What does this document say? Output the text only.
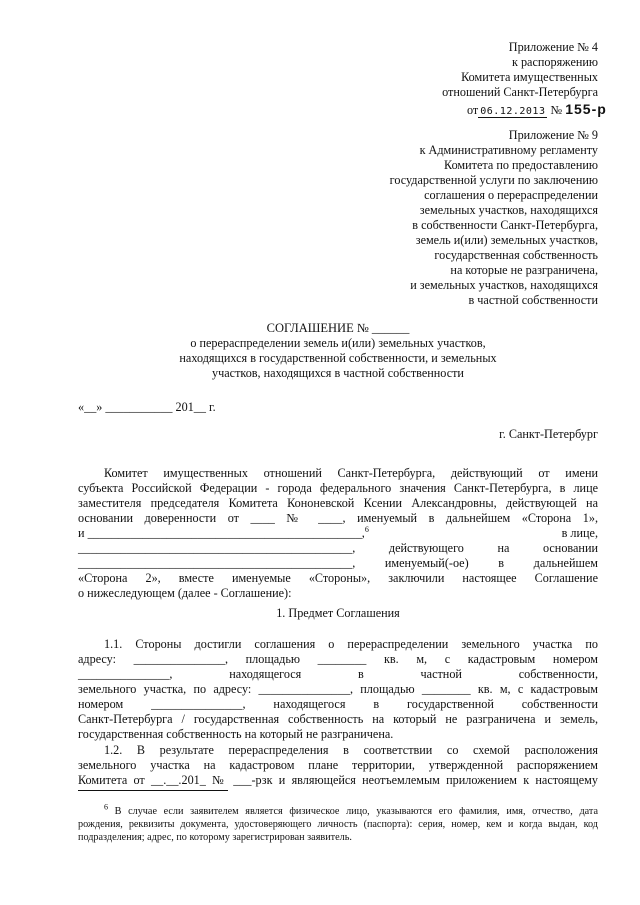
Приложение № 4
к распоряжению
Комитета имущественных
отношений Санкт-Петербурга
от 06.12.2013 № 155-р
Приложение № 9
к Административному регламенту
Комитета по предоставлению
государственной услуги по заключению
соглашения о перераспределении
земельных участков, находящихся
в собственности Санкт-Петербурга,
земель и(или) земельных участков,
государственная собственность
на которые не разграничена,
и земельных участков, находящихся
в частной собственности
СОГЛАШЕНИЕ № ______
о перераспределении земель и(или) земельных участков,
находящихся в государственной собственности, и земельных
участков, находящихся в частной собственности
«__» ___________ 201__ г.
г. Санкт-Петербург
Комитет имущественных отношений Санкт-Петербурга, действующий от имени
субъекта Российской Федерации - города федерального значения Санкт-Петербурга, в лице
заместителя председателя Комитета Кононевской Ксении Александровны, действующей на
основании доверенности от ____ № ____, именуемый в дальнейшем «Сторона 1»,
и _____________________________________________,$^6$	в лице,
_____________________________________________, действующего на основании
_____________________________________________, именуемый(-ое) в дальнейшем
«Сторона 2», вместе именуемые «Стороны», заключили настоящее Соглашение
о нижеследующем (далее - Соглашение):
1. Предмет Соглашения
1.1. Стороны достигли соглашения о перераспределении земельного участка по
адресу: _______________, площадью ________ кв. м, с кадастровым номером
_______________, находящегося в частной собственности,
земельного участка, по адресу: _______________, площадью ________ кв. м, с кадастровым
номером _______________, находящегося в государственной собственности
Санкт-Петербурга / государственная собственность на который не разграничена и земель,
государственная собственность на который не разграничена.
1.2. В результате перераспределения в соответствии со схемой расположения
земельного участка на кадастровом плане территории, утвержденной распоряжением
Комитета от __.__.201_ № ___-рзк и являющейся неотъемлемым приложением к настоящему
$^6$ В случае если заявителем является физическое лицо, указываются его фамилия, имя, отчество, дата
рождения, реквизиты документа, удостоверяющего личность (паспорта): серия, номер, кем и когда выдан, код
подразделения; адрес, по которому зарегистрирован заявитель.
